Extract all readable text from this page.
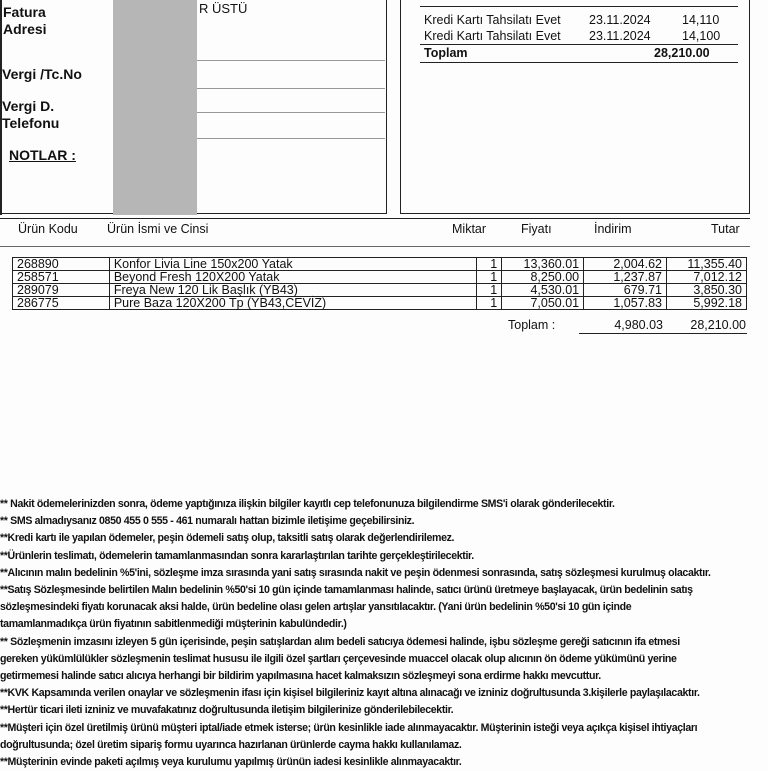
Fatura
Adresi
R ÜSTÜ
Vergi /Tc.No
Vergi D.
Telefonu
NOTLAR :
Kredi Kartı Tahsilatı Evet 23.11.2024	14,110
Kredi Kartı Tahsilatı Evet 23.11.2024	14,100
Toplam	28,210.00
Ürün Kodu Ürün İsmi ve Cinsi	Miktar	Fiyatı	İndirim	Tutar
268890	Konfor Livia Line 150x200 Yatak	1	13,360.01	2,004.62	11,355.40
258571	Beyond Fresh 120X200 Yatak	1	8,250.00	1,237.87	7,012.12
289079	Freya New 120 Lik Başlık (YB43)	1	4,530.01	679.71	3,850.30
286775	Pure Baza 120X200 Tp (YB43,CEVİZ)	1	7,050.01	1,057.83	5,992.18
Toplam :	4,980.03	28,210.00
** Nakit ödemelerinizden sonra, ödeme yaptığınıza ilişkin bilgiler kayıtlı cep telefonunuza bilgilendirme SMS'i olarak gönderilecektir.
** SMS almadıysanız 0850 455 0 555 - 461 numaralı hattan bizimle iletişime geçebilirsiniz.
**Kredi kartı ile yapılan ödemeler, peşin ödemeli satış olup, taksitli satış olarak değerlendirilemez.
**Ürünlerin teslimatı, ödemelerin tamamlanmasından sonra kararlaştırılan tarihte gerçekleştirilecektir.
**Alıcının malın bedelinin %5'ini, sözleşme imza sırasında yani satış sırasında nakit ve peşin ödenmesi sonrasında, satış sözleşmesi kurulmuş olacaktır.
**Satış Sözleşmesinde belirtilen Malın bedelinin %50'si 10 gün içinde tamamlanması halinde, satıcı ürünü üretmeye başlayacak, ürün bedelinin satış
sözleşmesindeki fiyatı korunacak aksi halde, ürün bedeline olası gelen artışlar yansıtılacaktır. (Yani ürün bedelinin %50'si 10 gün içinde
tamamlanmadıkça ürün fiyatının sabitlenmediği müşterinin kabulündedir.)
** Sözleşmenin imzasını izleyen 5 gün içerisinde, peşin satışlardan alım bedeli satıcıya ödemesi halinde, işbu sözleşme gereği satıcının ifa etmesi
gereken yükümlülükler sözleşmenin teslimat hususu ile ilgili özel şartları çerçevesinde muaccel olacak olup alıcının ön ödeme yükümünü yerine
getirmemesi halinde satıcı alıcıya herhangi bir bildirim yapılmasına hacet kalmaksızın sözleşmeyi sona erdirme hakkı mevcuttur.
**KVK Kapsamında verilen onaylar ve sözleşmenin ifası için kişisel bilgileriniz kayıt altına alınacağı ve izniniz doğrultusunda 3.kişilerle paylaşılacaktır.
**Hertür ticari ileti izniniz ve muvafakatınız doğrultusunda iletişim bilgilerinize gönderilebilecektir.
**Müşteri için özel üretilmiş ürünü müşteri iptal/iade etmek isterse; ürün kesinlikle iade alınmayacaktır. Müşterinin isteği veya açıkça kişisel ihtiyaçları
doğrultusunda; özel üretim sipariş formu uyarınca hazırlanan ürünlerde cayma hakkı kullanılamaz.
**Müşterinin evinde paketi açılmış veya kurulumu yapılmış ürünün iadesi kesinlikle alınmayacaktır.
